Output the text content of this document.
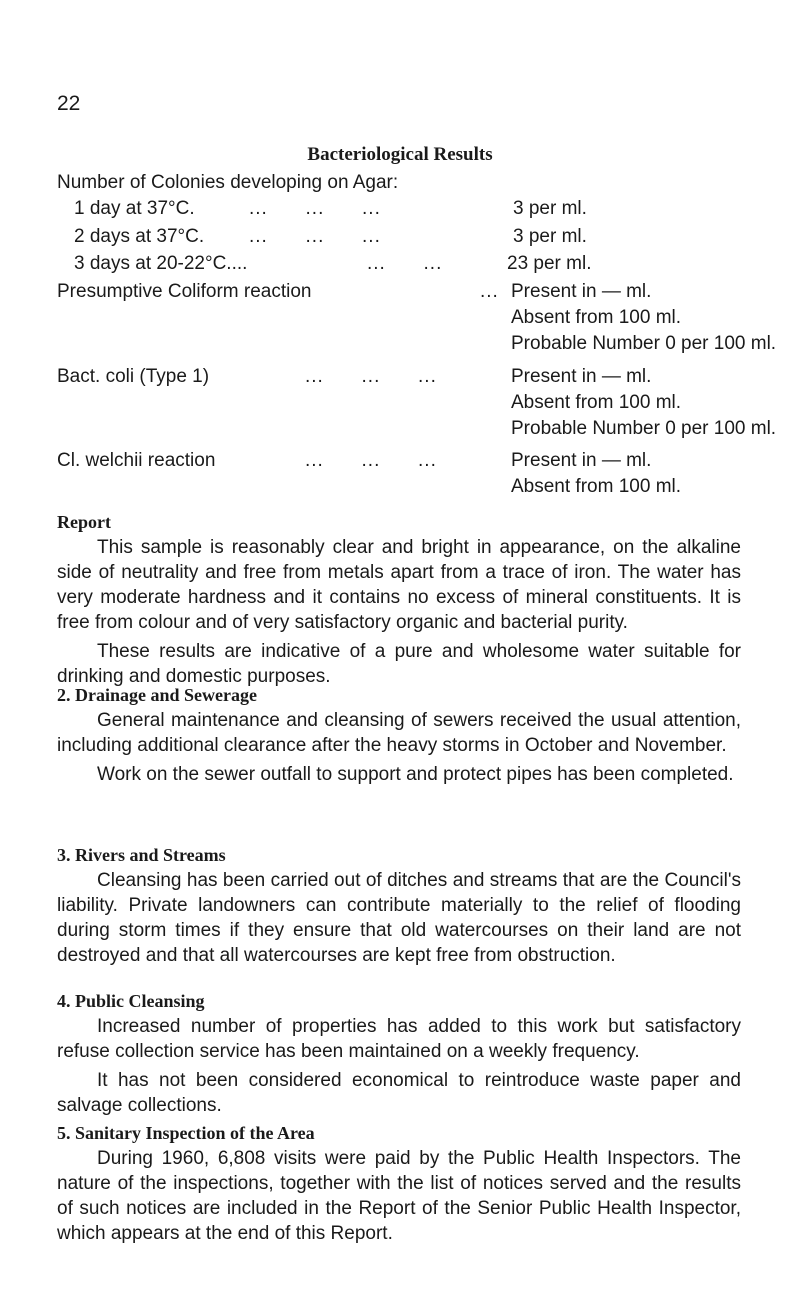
22
Bacteriological Results
Number of Colonies developing on Agar:
1 day at 37°C.	...      ...      ...	3 per ml.
2 days at 37°C. ...      ...      ...	3 per ml.
3 days at 20-22°C....	...      ...	23 per ml.
Presumptive Coliform reaction	... Present in — ml.
Absent from 100 ml.
Probable Number 0 per 100 ml.
Bact. coli (Type 1)	...      ...      ...	Present in — ml.
Absent from 100 ml.
Probable Number 0 per 100 ml.
Cl. welchii reaction	...      ...      ...	Present in — ml.
Absent from 100 ml.
Report

This sample is reasonably clear and bright in appearance, on the alkaline side of neutrality and free from metals apart from a trace of iron. The water has very moderate hardness and it contains no excess of mineral constituents. It is free from colour and of very satisfactory organic and bacterial purity.

These results are indicative of a pure and wholesome water suitable for drinking and domestic purposes.

2. Drainage and Sewerage

General maintenance and cleansing of sewers received the usual attention, including additional clearance after the heavy storms in October and November.

Work on the sewer outfall to support and protect pipes has been completed.

3. Rivers and Streams

Cleansing has been carried out of ditches and streams that are the Council's liability. Private landowners can contribute materially to the relief of flooding during storm times if they ensure that old watercourses on their land are not destroyed and that all watercourses are kept free from obstruction.

4. Public Cleansing

Increased number of properties has added to this work but satisfactory refuse collection service has been maintained on a weekly frequency.

It has not been considered economical to reintroduce waste paper and salvage collections.

5. Sanitary Inspection of the Area

During 1960, 6,808 visits were paid by the Public Health Inspectors. The nature of the inspections, together with the list of notices served and the results of such notices are included in the Report of the Senior Public Health Inspector, which appears at the end of this Report.
